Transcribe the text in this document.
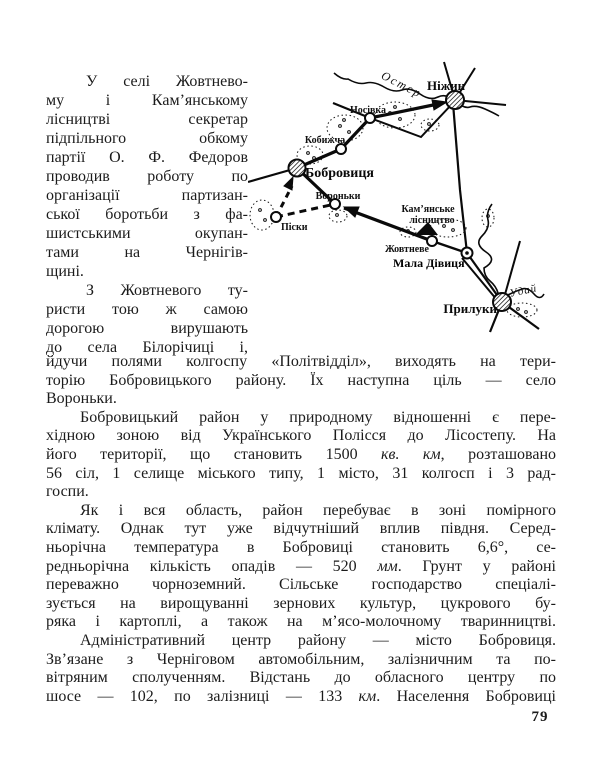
У селі Жовтнево-
му і Кам’янському
лісництві секретар
підпільного обкому
партії О. Ф. Федоров
проводив роботу по
організації партизан-
ської боротьби з фа-
шистськими окупан-
тами на Чернігів-
щині.
З Жовтневого ту-
ристи тою ж самою
дорогою вирушають
до села Білорічиці і,
йдучи полями колгоспу «Політвідділ», виходять на тери-
торію Бобровицького району. Їх наступна ціль — село
Вороньки.
Бобровицький район у природному відношенні є пере-
хідною зоною від Українського Полісся до Лісостепу. На
його території, що становить 1500 кв. км, розташовано
56 сіл, 1 селище міського типу, 1 місто, 31 колгосп і 3 рад-
госпи.
Як і вся область, район перебуває в зоні помірного
клімату. Однак тут уже відчутніший вплив півдня. Серед-
ньорічна температура в Бобровиці становить 6,6°, се-
редньорічна кількість опадів — 520 мм. Грунт у районі
переважно чорноземний. Сільське господарство спеціалі-
зується на вирощуванні зернових культур, цукрового бу-
ряка і картоплі, а також на м’ясо-молочному тваринництві.
Адміністративний центр району — місто Бобровиця.
Зв’язане з Черніговом автомобільним, залізничним та по-
вітряним сполученням. Відстань до обласного центру по
шосе — 102, по залізниці — 133 км. Населення Бобровиці
79
Ніжин
Бобровиця
Прилуки
Носівка
Кобижча
Вороньки
Піски
Жовтневе
Мала Дівиця
Кам’янське
лісництво
Остер
Удай
